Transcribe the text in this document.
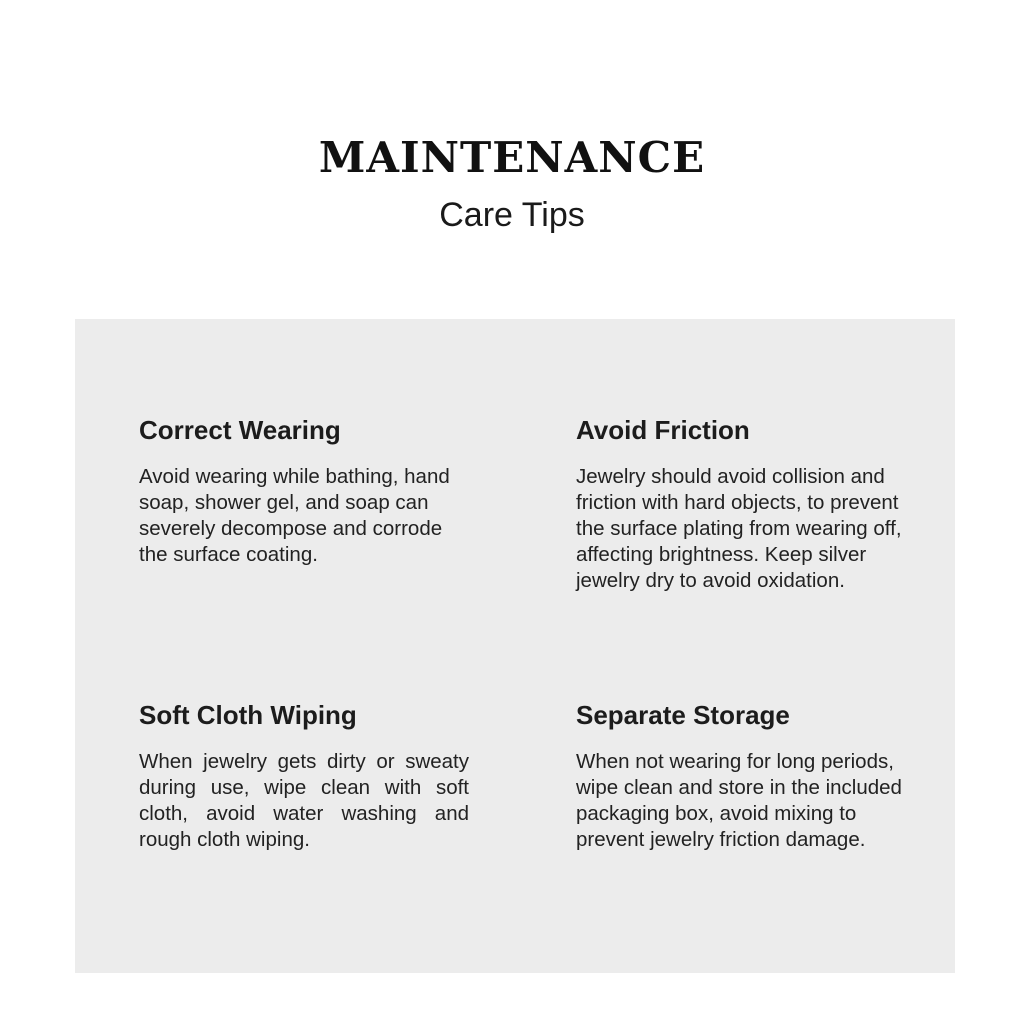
MAINTENANCE

Care Tips

Correct Wearing

Avoid wearing while bathing, hand soap, shower gel, and soap can severely decompose and corrode the surface coating.

Avoid Friction

Jewelry should avoid collision and friction with hard objects, to prevent the surface plating from wearing off, affecting brightness. Keep silver jewelry dry to avoid oxidation.

Soft Cloth Wiping

When jewelry gets dirty or sweaty during use, wipe clean with soft cloth, avoid water washing and rough cloth wiping.

Separate Storage

When not wearing for long periods, wipe clean and store in the included packaging box, avoid mixing to prevent jewelry friction damage.
